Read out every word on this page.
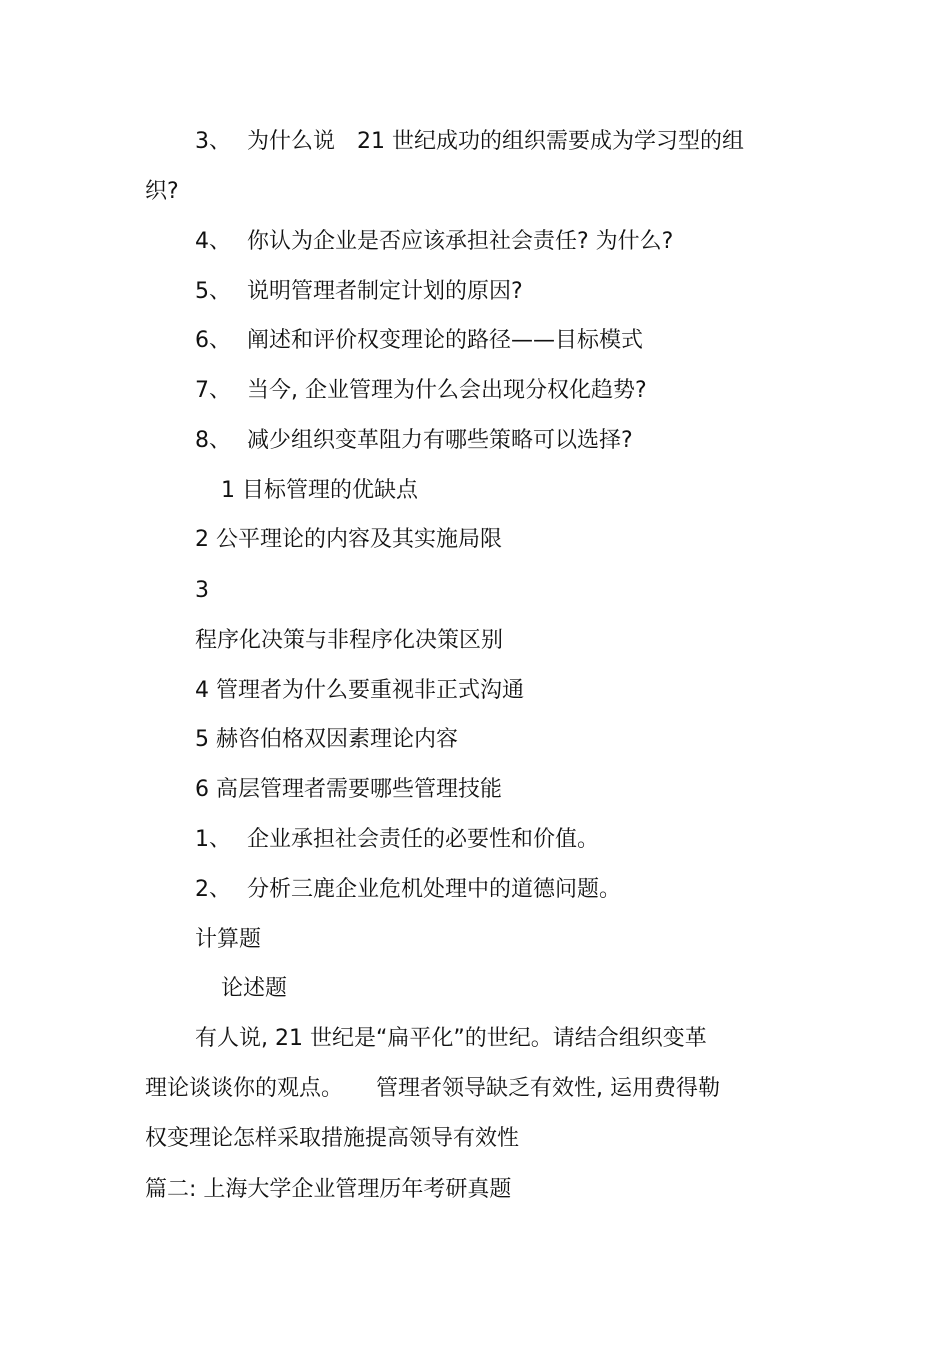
3、 为什么说　21 世纪成功的组织需要成为学习型的组

织?

4、 你认为企业是否应该承担社会责任? 为什么?

5、 说明管理者制定计划的原因?

6、 阐述和评价权变理论的路径——目标模式

7、 当今, 企业管理为什么会出现分权化趋势?

8、 减少组织变革阻力有哪些策略可以选择?

1 目标管理的优缺点

2 公平理论的内容及其实施局限

3

程序化决策与非程序化决策区别

4 管理者为什么要重视非正式沟通

5 赫咨伯格双因素理论内容

6 高层管理者需要哪些管理技能

1、 企业承担社会责任的必要性和价值。

2、 分析三鹿企业危机处理中的道德问题。

计算题

论述题

有人说, 21 世纪是“扁平化”的世纪。请结合组织变革

理论谈谈你的观点。　　管理者领导缺乏有效性, 运用费得勒

权变理论怎样采取措施提高领导有效性

篇二: 上海大学企业管理历年考研真题
